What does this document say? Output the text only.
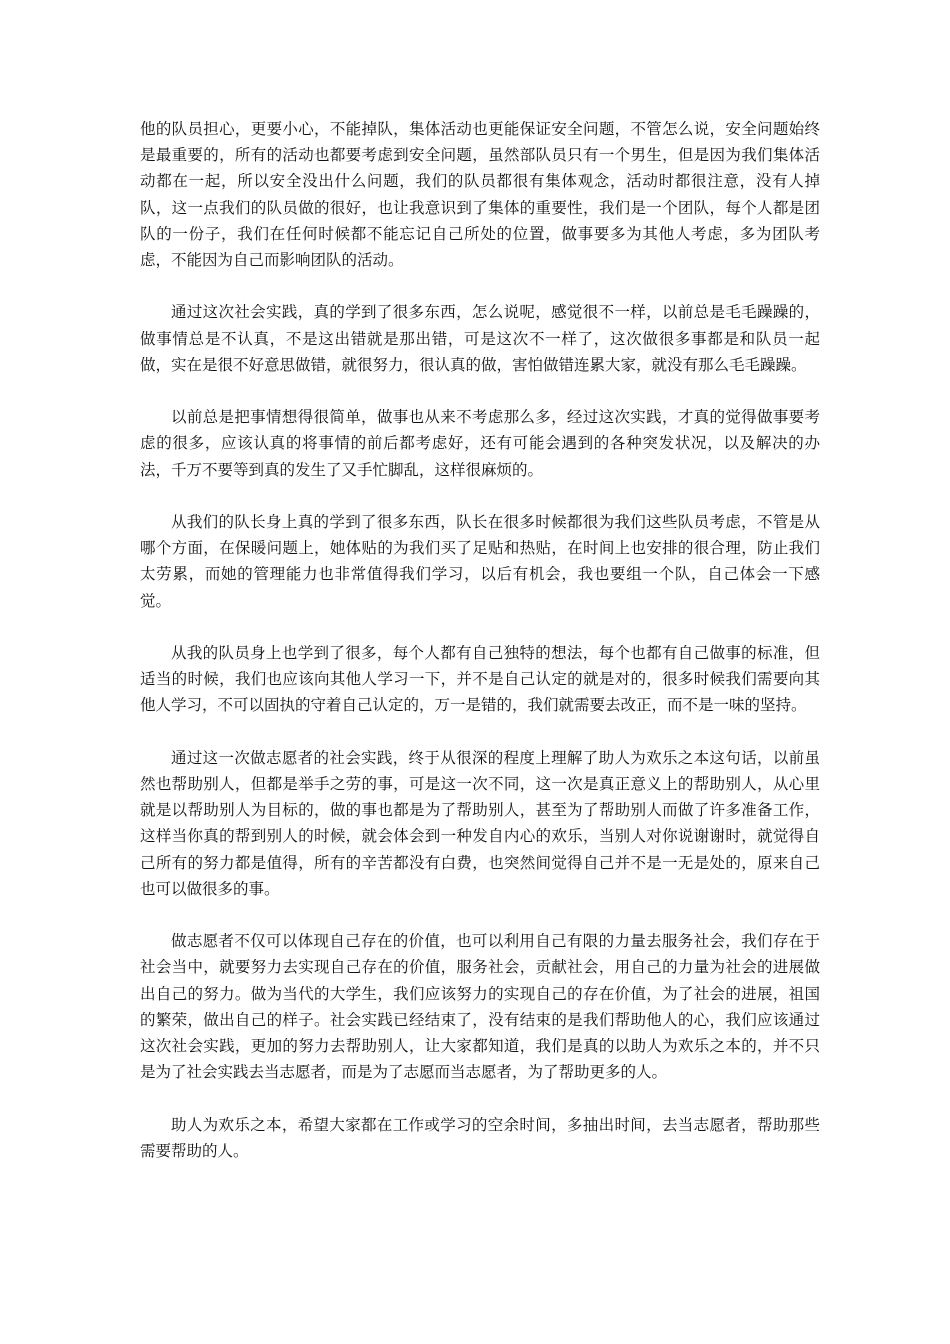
他的队员担心，更要小心，不能掉队，集体活动也更能保证安全问题，不管怎么说，安全问题始终是最重要的，所有的活动也都要考虑到安全问题，虽然部队员只有一个男生，但是因为我们集体活动都在一起，所以安全没出什么问题，我们的队员都很有集体观念，活动时都很注意，没有人掉队，这一点我们的队员做的很好，也让我意识到了集体的重要性，我们是一个团队，每个人都是团队的一份子，我们在任何时候都不能忘记自己所处的位置，做事要多为其他人考虑，多为团队考虑，不能因为自己而影响团队的活动。

通过这次社会实践，真的学到了很多东西，怎么说呢，感觉很不一样，以前总是毛毛躁躁的，做事情总是不认真，不是这出错就是那出错，可是这次不一样了，这次做很多事都是和队员一起做，实在是很不好意思做错，就很努力，很认真的做，害怕做错连累大家，就没有那么毛毛躁躁。

以前总是把事情想得很简单，做事也从来不考虑那么多，经过这次实践，才真的觉得做事要考虑的很多，应该认真的将事情的前后都考虑好，还有可能会遇到的各种突发状况，以及解决的办法，千万不要等到真的发生了又手忙脚乱，这样很麻烦的。

从我们的队长身上真的学到了很多东西，队长在很多时候都很为我们这些队员考虑，不管是从哪个方面，在保暖问题上，她体贴的为我们买了足贴和热贴，在时间上也安排的很合理，防止我们太劳累，而她的管理能力也非常值得我们学习，以后有机会，我也要组一个队，自己体会一下感觉。

从我的队员身上也学到了很多，每个人都有自己独特的想法，每个也都有自己做事的标准，但适当的时候，我们也应该向其他人学习一下，并不是自己认定的就是对的，很多时候我们需要向其他人学习，不可以固执的守着自己认定的，万一是错的，我们就需要去改正，而不是一味的坚持。

通过这一次做志愿者的社会实践，终于从很深的程度上理解了助人为欢乐之本这句话，以前虽然也帮助别人，但都是举手之劳的事，可是这一次不同，这一次是真正意义上的帮助别人，从心里就是以帮助别人为目标的，做的事也都是为了帮助别人，甚至为了帮助别人而做了许多准备工作，这样当你真的帮到别人的时候，就会体会到一种发自内心的欢乐，当别人对你说谢谢时，就觉得自己所有的努力都是值得，所有的辛苦都没有白费，也突然间觉得自己并不是一无是处的，原来自己也可以做很多的事。

做志愿者不仅可以体现自己存在的价值，也可以利用自己有限的力量去服务社会，我们存在于社会当中，就要努力去实现自己存在的价值，服务社会，贡献社会，用自己的力量为社会的进展做出自己的努力。做为当代的大学生，我们应该努力的实现自己的存在价值，为了社会的进展，祖国的繁荣，做出自己的样子。社会实践已经结束了，没有结束的是我们帮助他人的心，我们应该通过这次社会实践，更加的努力去帮助别人，让大家都知道，我们是真的以助人为欢乐之本的，并不只是为了社会实践去当志愿者，而是为了志愿而当志愿者，为了帮助更多的人。

助人为欢乐之本，希望大家都在工作或学习的空余时间，多抽出时间，去当志愿者，帮助那些需要帮助的人。
